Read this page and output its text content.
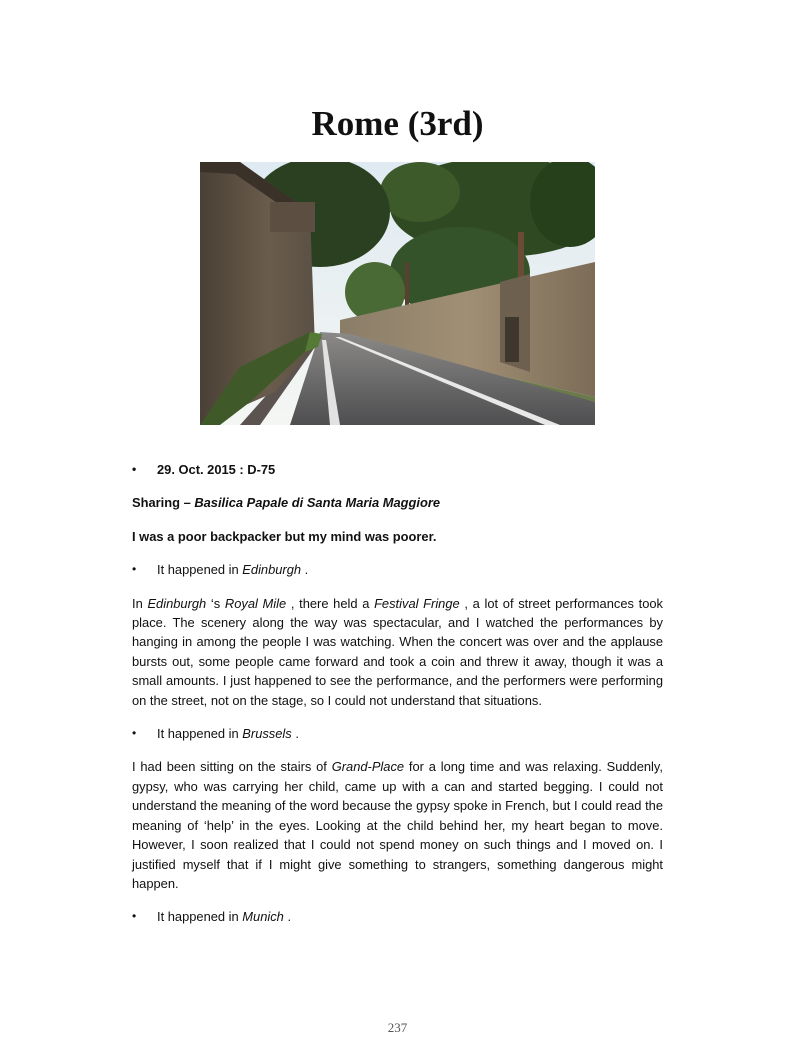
Rome (3rd)
• 29. Oct. 2015 : D-75

Sharing – Basilica Papale di Santa Maria Maggiore

I was a poor backpacker but my mind was poorer.

• It happened in Edinburgh .

In Edinburgh ‘s Royal Mile , there held a Festival Fringe , a lot of street performances took place. The scenery along the way was spectacular, and I watched the performances by hanging in among the people I was watching. When the concert was over and the applause bursts out, some people came forward and took a coin and threw it away, though it was a small amounts. I just happened to see the performance, and the performers were performing on the street, not on the stage, so I could not understand that situations.

• It happened in Brussels .

I had been sitting on the stairs of Grand-Place for a long time and was relaxing. Suddenly, gypsy, who was carrying her child, came up with a can and started begging. I could not understand the meaning of the word because the gypsy spoke in French, but I could read the meaning of ‘help’ in the eyes. Looking at the child behind her, my heart began to move. However, I soon realized that I could not spend money on such things and I moved on. I justified myself that if I might give something to strangers, something dangerous might happen.

• It happened in Munich .
237
